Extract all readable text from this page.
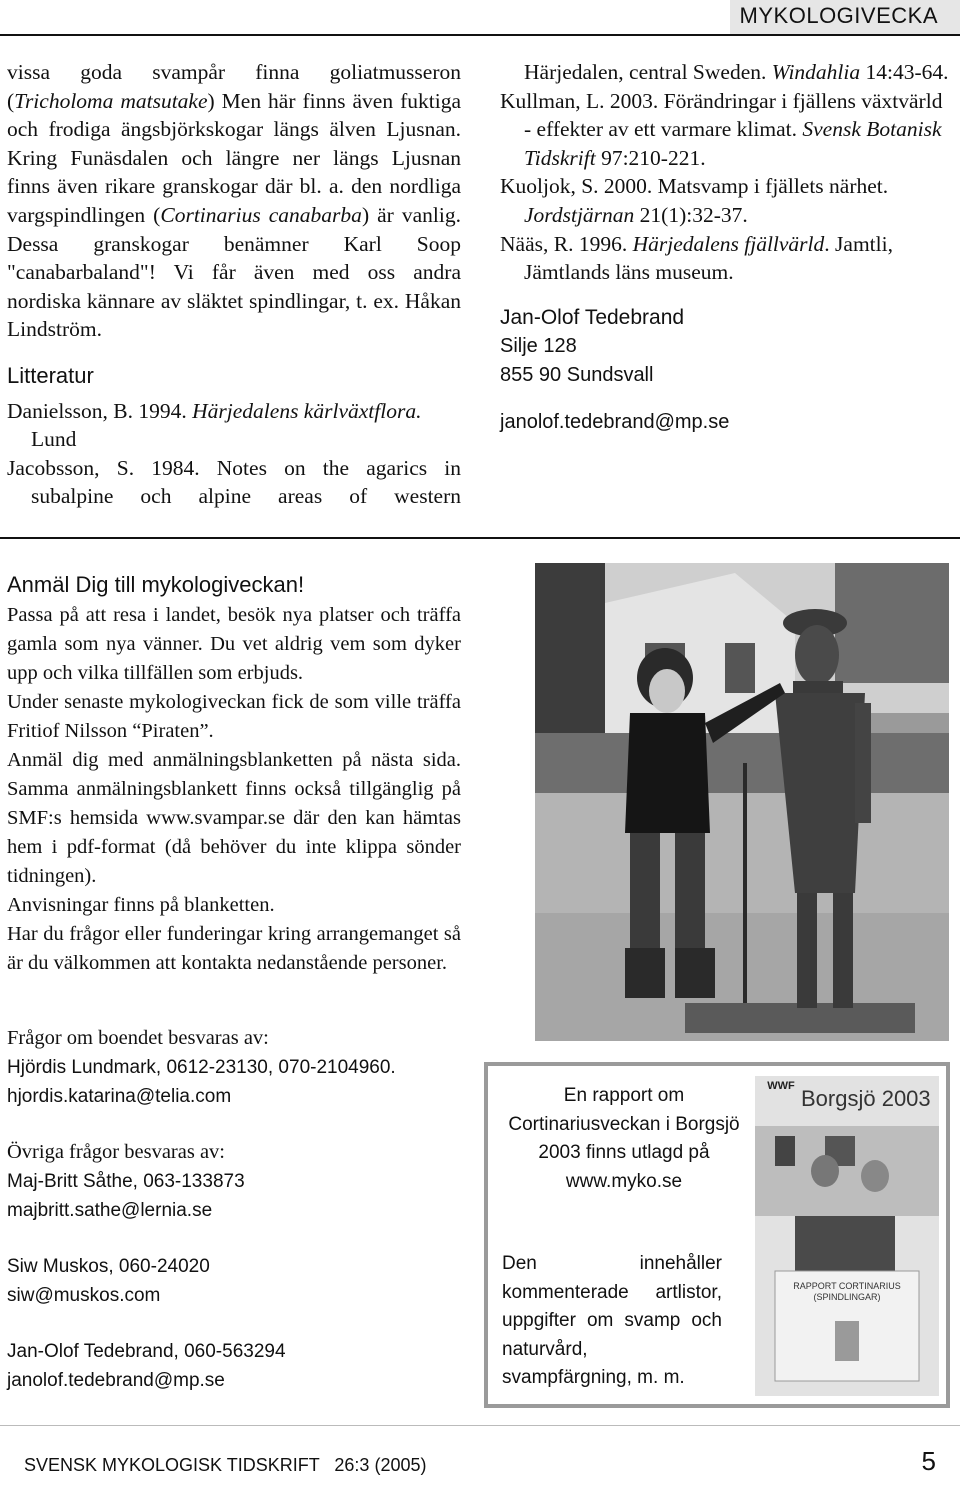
MYKOLOGIVECKA

vissa goda svampår finna goliatmusseron (Tricholoma matsutake) Men här finns även fuktiga och frodiga ängsbjörkskogar längs älven Ljusnan. Kring Funäsdalen och längre ner längs Ljusnan finns även rikare granskogar där bl. a. den nordliga vargspindlingen (Cortinarius canabarba) är vanlig. Dessa granskogar benämner Karl Soop "canabarbaland"! Vi får även med oss andra nordiska kännare av släktet spindlingar, t. ex. Håkan Lindström.

Litteratur

Danielsson, B. 1994. Härjedalens kärlväxtflora. Lund

Jacobsson, S. 1984. Notes on the agarics in subalpine och alpine areas of western

Härjedalen, central Sweden. Windahlia 14:43-64.

Kullman, L. 2003. Förändringar i fjällens växtvärld - effekter av ett varmare klimat. Svensk Botanisk Tidskrift 97:210-221.

Kuoljok, S. 2000. Matsvamp i fjällets närhet. Jordstjärnan 21(1):32-37.

Nääs, R. 1996. Härjedalens fjällvärld. Jamtli, Jämtlands läns museum.

Jan-Olof Tedebrand
Silje 128
855 90 Sundsvall
janolof.tedebrand@mp.se
Anmäl Dig till mykologiveckan!

Passa på att resa i landet, besök nya platser och träffa gamla som nya vänner. Du vet aldrig vem som dyker upp och vilka tillfällen som erbjuds.

Under senaste mykologiveckan fick de som ville träffa Fritiof Nilsson “Piraten”.

Anmäl dig med anmälningsblanketten på nästa sida. Samma anmälningsblankett finns också tillgänglig på SMF:s hemsida www.svampar.se där den kan hämtas hem i pdf-format (då behöver du inte klippa sönder tidningen).

Anvisningar finns på blanketten.

Har du frågor eller funderingar kring arrangemanget så är du välkommen att kontakta nedanstående personer.

Frågor om boendet besvaras av:
Hjördis Lundmark, 0612-23130, 070-2104960.
hjordis.katarina@telia.com
Övriga frågor besvaras av:
Maj-Britt Såthe, 063-133873
majbritt.sathe@lernia.se
Siw Muskos, 060-24020
siw@muskos.com
Jan-Olof Tedebrand, 060-563294
janolof.tedebrand@mp.se
En rapport om Cortinariusveckan i Borgsjö 2003 finns utlagd på www.myko.se
Den innehåller kommenterade artlistor, uppgifter om svamp och naturvård, svampfärgning, m. m.
WWF Borgsjö 2003
RAPPORT CORTINARIUS (SPINDLINGAR)
SVENSK MYKOLOGISK TIDSKRIFT   26:3 (2005)	5
